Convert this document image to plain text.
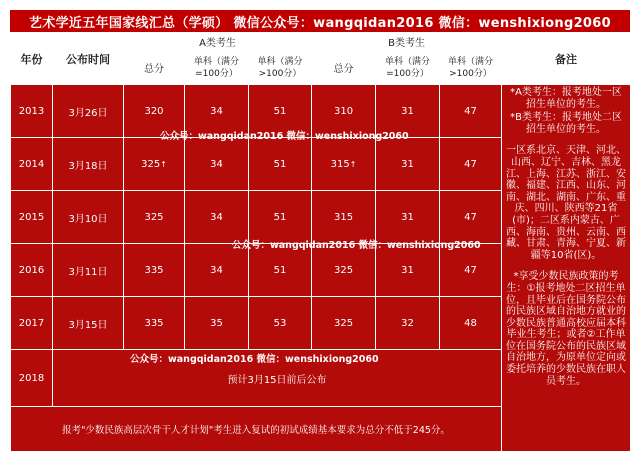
艺术学近五年国家线汇总（学硕） 微信公众号：wangqidan2016 微信：wenshixiong2060
年份	公布时间	A类考生			B类考生			备注
		总分	单科（满分=100分）	单科（满分>100分）	总分	单科（满分=100分）	单科（满分>100分）	
2013	3月26日	320	34	51	310	31	47	*A类考生：报考地处一区招生单位的考生。

*B类考生：报考地处二区招生单位的考生。

一区系北京、天津、河北、山西、辽宁、吉林、黑龙江、上海、江苏、浙江、安徽、福建、江西、山东、河南、湖北、湖南、广东、重庆、四川、陕西等21省(市)；二区系内蒙古、广西、海南、贵州、云南、西藏、甘肃、青海、宁夏、新疆等10省(区)。

*享受少数民族政策的考生：①报考地处二区招生单位，且毕业后在国务院公布的民族区域自治地方就业的少数民族普通高校应届本科毕业生考生；或者②工作单位在国务院公布的民族区域自治地方，为原单位定向或委托培养的少数民族在职人员考生。

2014	3月18日	325↑	34	51	315↑	31	47	
2015	3月10日	325	34	51	315	31	47	
2016	3月11日	335	34	51	325	31	47	
2017	3月15日	335	35	53	325	32	48	
2018	预计3月15日前后公布							
报考"少数民族高层次骨干人才计划"考生进入复试的初试成绩基本要求为总分不低于245分。								
公众号：wangqidan2016 微信：wenshixiong2060
公众号：wangqidan2016 微信：wenshixiong2060
公众号：wangqidan2016 微信：wenshixiong2060
